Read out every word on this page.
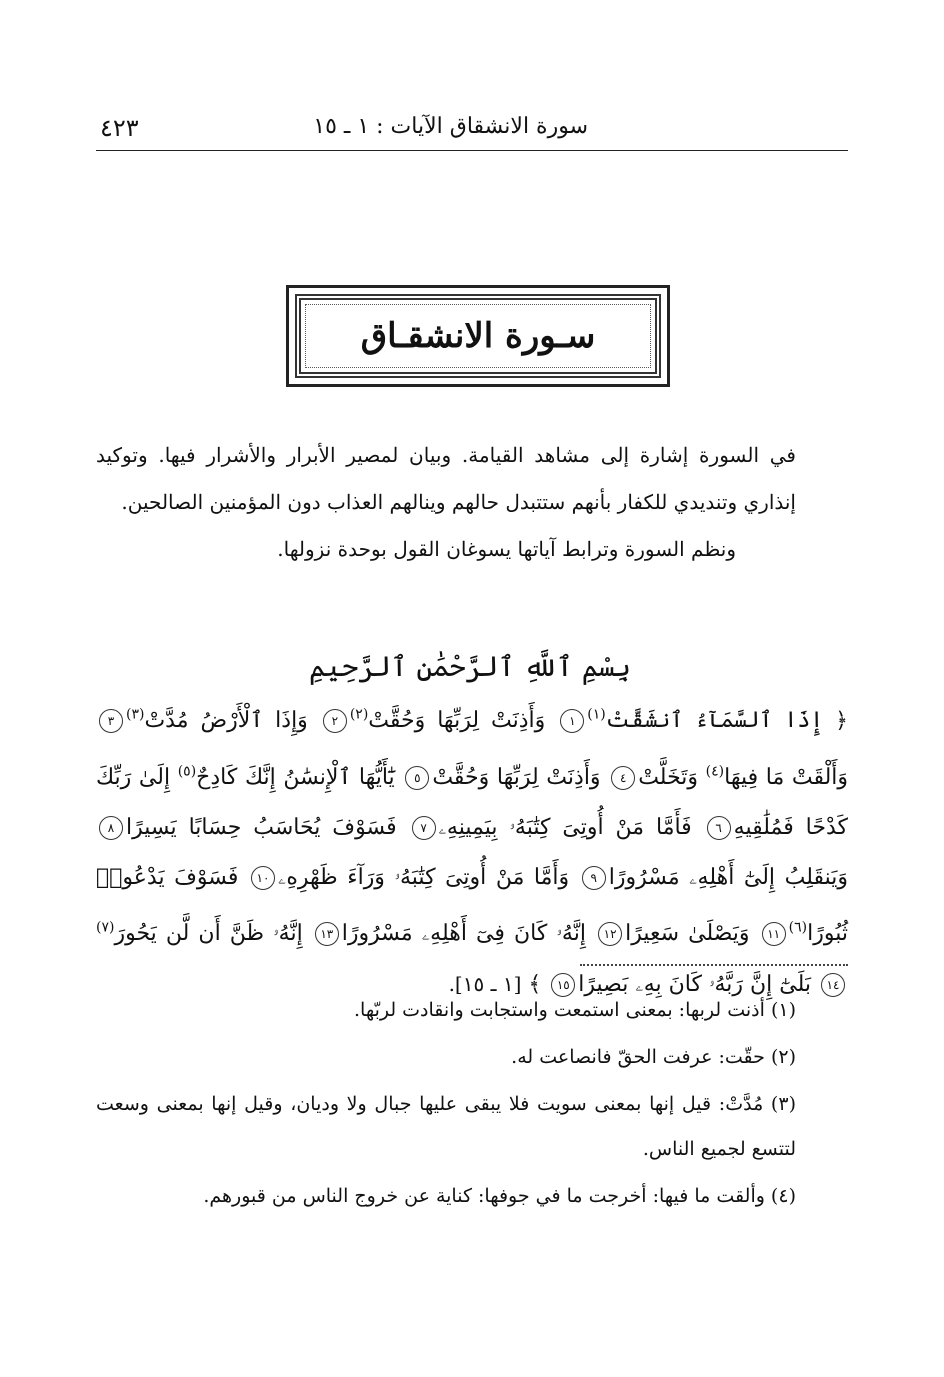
٤٢٣	سورة الانشقاق الآيات : ١ ـ ١٥
سـورة الانشقـاق

في السورة إشارة إلى مشاهد القيامة. وبيان لمصير الأبرار والأشرار فيها. وتوكيد إنذاري وتنديدي للكفار بأنهم ستتبدل حالهم وينالهم العذاب دون المؤمنين الصالحين.

ونظم السورة وترابط آياتها يسوغان القول بوحدة نزولها.

بِسْمِ ٱللَّهِ ٱلرَّحْمَٰنِ ٱلرَّحِيمِ
﴿ إِذَا ٱلسَّمَآءُ ٱنشَقَّتْ$^{(١)}$١ وَأَذِنَتْ لِرَبِّهَا وَحُقَّتْ$^{(٢)}$٢ وَإِذَا ٱلْأَرْضُ مُدَّتْ$^{(٣)}$٣ وَأَلْقَتْ مَا فِيهَا$^{(٤)}$ وَتَخَلَّتْ٤ وَأَذِنَتْ لِرَبِّهَا وَحُقَّتْ٥ يَٰٓأَيُّهَا ٱلْإِنسَٰنُ إِنَّكَ كَادِحٌ$^{(٥)}$ إِلَىٰ رَبِّكَ كَدْحًا فَمُلَٰقِيهِ٦ فَأَمَّا مَنْ أُوتِىَ كِتَٰبَهُۥ بِيَمِينِهِۦ٧ فَسَوْفَ يُحَاسَبُ حِسَابًا يَسِيرًا٨ وَيَنقَلِبُ إِلَىٰٓ أَهْلِهِۦ مَسْرُورًا٩ وَأَمَّا مَنْ أُوتِىَ كِتَٰبَهُۥ وَرَآءَ ظَهْرِهِۦ١٠ فَسَوْفَ يَدْعُوا۟ ثُبُورًا$^{(٦)}$١١ وَيَصْلَىٰ سَعِيرًا١٢ إِنَّهُۥ كَانَ فِىٓ أَهْلِهِۦ مَسْرُورًا١٣ إِنَّهُۥ ظَنَّ أَن لَّن يَحُورَ$^{(٧)}$١٤ بَلَىٰٓ إِنَّ رَبَّهُۥ كَانَ بِهِۦ بَصِيرًا١٥ ﴾ [١ ـ ١٥].

(١) أذنت لربها: بمعنى استمعت واستجابت وانقادت لربّها.

(٢) حقّت: عرفت الحقّ فانصاعت له.

(٣) مُدَّتْ: قيل إنها بمعنى سويت فلا يبقى عليها جبال ولا وديان، وقيل إنها بمعنى وسعت لتتسع لجميع الناس.

(٤) وألقت ما فيها: أخرجت ما في جوفها: كناية عن خروج الناس من قبورهم.
